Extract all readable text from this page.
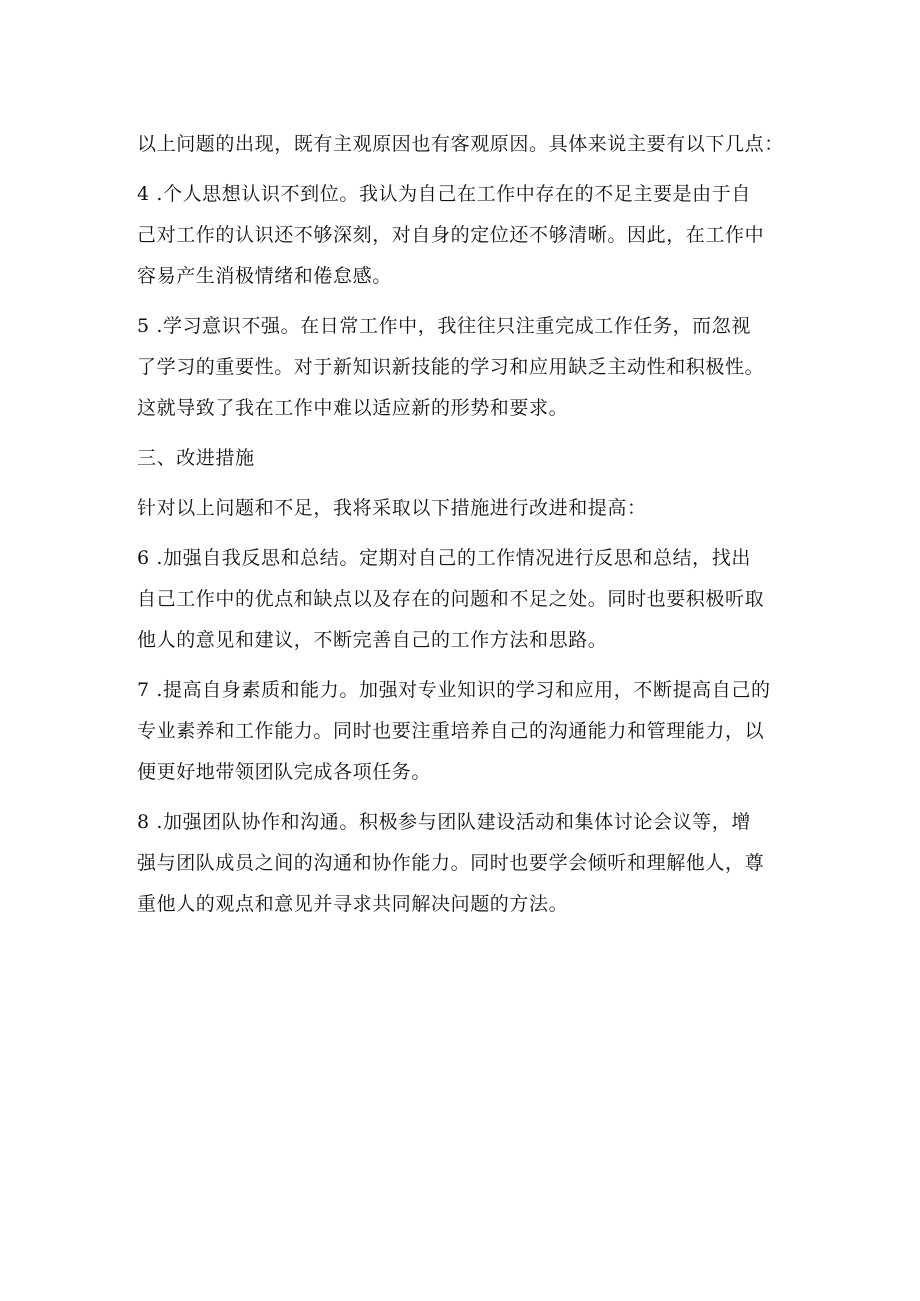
以上问题的出现，既有主观原因也有客观原因。具体来说主要有以下几点：

4 .个人思想认识不到位。我认为自己在工作中存在的不足主要是由于自
己对工作的认识还不够深刻，对自身的定位还不够清晰。因此，在工作中
容易产生消极情绪和倦怠感。

5 .学习意识不强。在日常工作中，我往往只注重完成工作任务，而忽视
了学习的重要性。对于新知识新技能的学习和应用缺乏主动性和积极性。
这就导致了我在工作中难以适应新的形势和要求。

三、改进措施

针对以上问题和不足，我将采取以下措施进行改进和提高：

6 .加强自我反思和总结。定期对自己的工作情况进行反思和总结，找出
自己工作中的优点和缺点以及存在的问题和不足之处。同时也要积极听取
他人的意见和建议，不断完善自己的工作方法和思路。

7 .提高自身素质和能力。加强对专业知识的学习和应用，不断提高自己的
专业素养和工作能力。同时也要注重培养自己的沟通能力和管理能力，以
便更好地带领团队完成各项任务。

8 .加强团队协作和沟通。积极参与团队建设活动和集体讨论会议等，增
强与团队成员之间的沟通和协作能力。同时也要学会倾听和理解他人，尊
重他人的观点和意见并寻求共同解决问题的方法。
